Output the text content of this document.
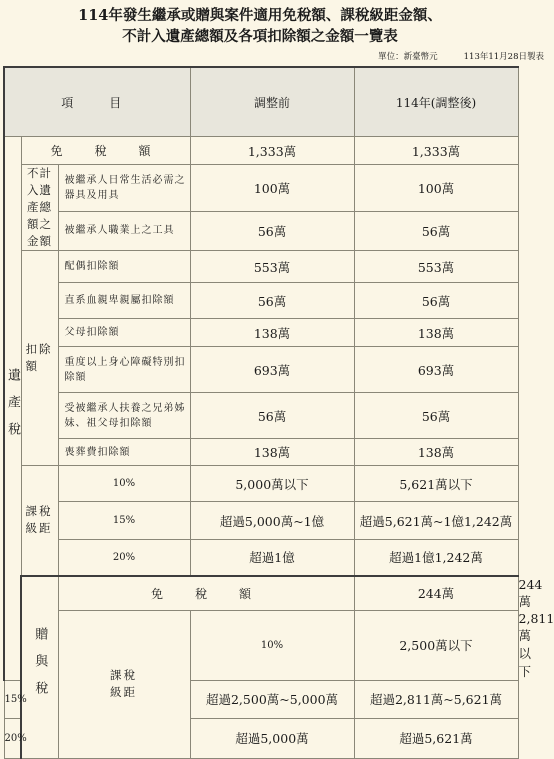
114年發生繼承或贈與案件適用免稅額、課稅級距金額、
不計入遺產總額及各項扣除額之金額一覽表
單位：新臺幣元	113年11月28日製表
項　目			調整前	114年(調整後)	
遺產稅	免　稅　額		1,333萬	1,333萬	
	不計入遺產總額之金額	被繼承人日常生活必需之器具及用具	100萬	100萬	
		被繼承人職業上之工具	56萬	56萬	

	扣除額	配偶扣除額	553萬	553萬	
		直系血親卑親屬扣除額	56萬	56萬	
		父母扣除額	138萬	138萬	
		重度以上身心障礙特別扣除額	693萬	693萬	
		受被繼承人扶養之兄弟姊妹、祖父母扣除額	56萬	56萬	
		喪葬費扣除額	138萬	138萬	

	課稅級距	10%	5,000萬以下	5,621萬以下	
		15%	超過5,000萬~1億	超過5,621萬~1億1,242萬	
		20%	超過1億	超過1億1,242萬	
	贈與稅	免　稅　額		244萬	244萬

		課稅級距	10%	2,500萬以下	2,811萬以下
15%			超過2,500萬~5,000萬	超過2,811萬~5,621萬	
20%			超過5,000萬	超過5,621萬	
